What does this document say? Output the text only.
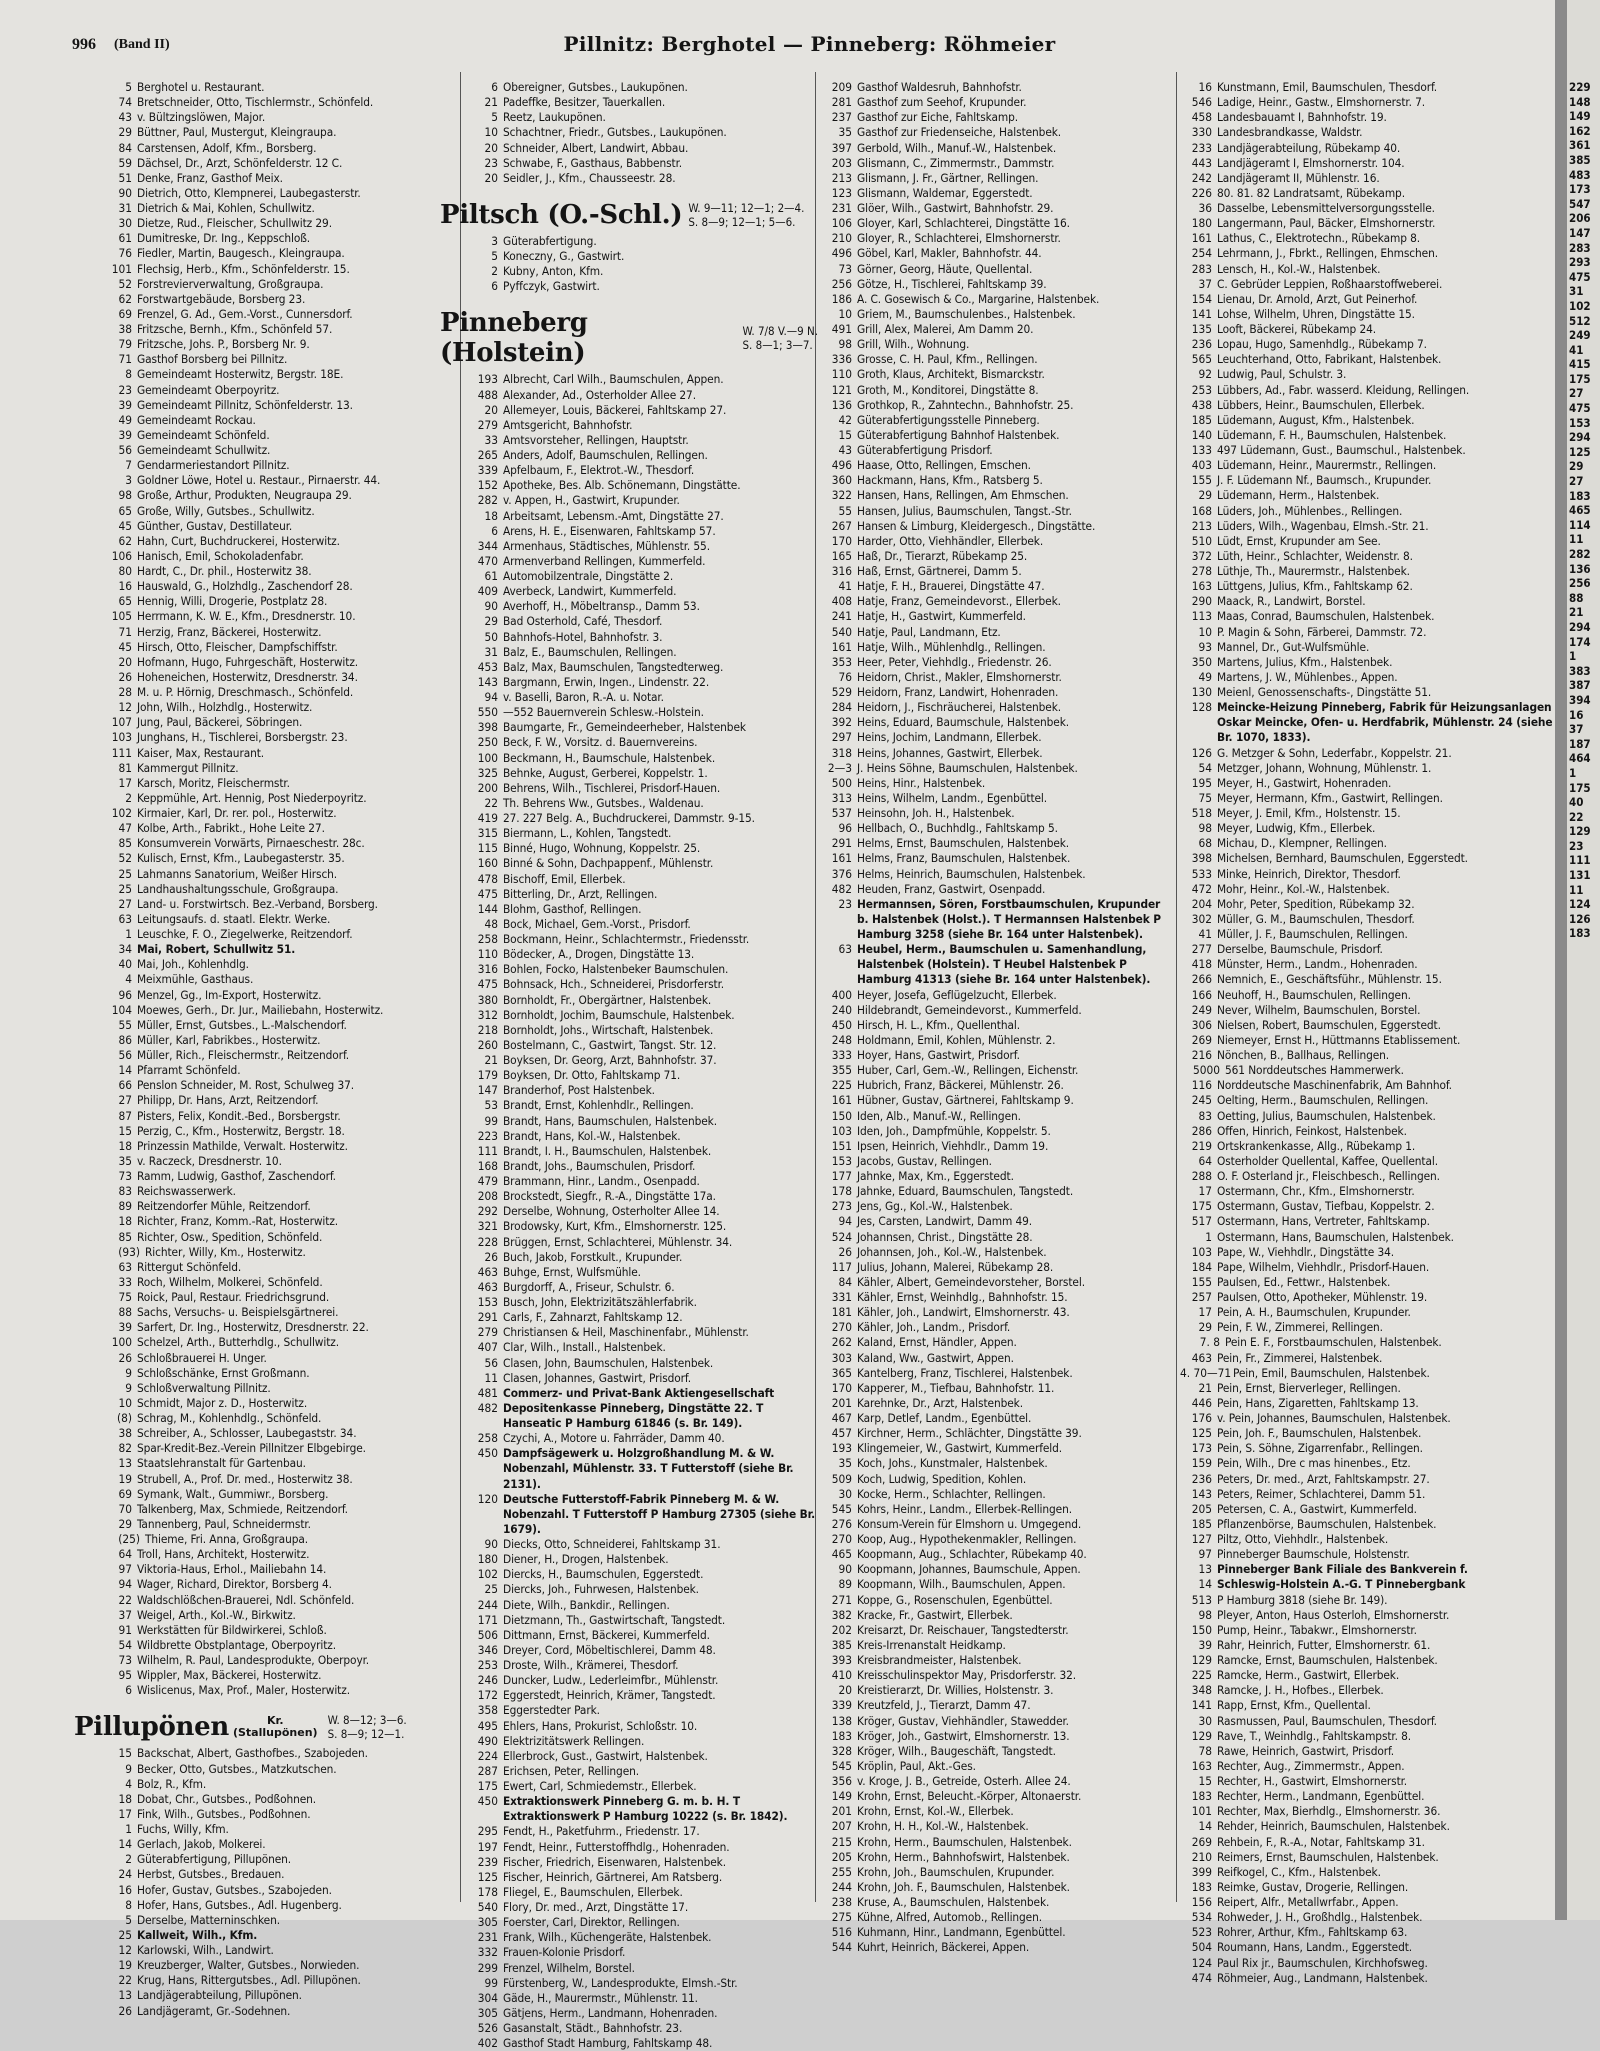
996 (Band II)	Pillnitz: Berghotel — Pinneberg: Röhmeier
5 Berghotel u. Restaurant.
74 Bretschneider, Otto, Tischlermstr., Schönfeld.
43 v. Bültzingslöwen, Major.
29 Büttner, Paul, Mustergut, Kleingraupa.
84 Carstensen, Adolf, Kfm., Borsberg.
59 Dächsel, Dr., Arzt, Schönfelderstr. 12 C.
51 Denke, Franz, Gasthof Meix.
90 Dietrich, Otto, Klempnerei, Laubegasterstr.
31 Dietrich & Mai, Kohlen, Schullwitz.
30 Dietze, Rud., Fleischer, Schullwitz 29.
61 Dumitreske, Dr. Ing., Keppschloß.
76 Fiedler, Martin, Baugesch., Kleingraupa.
101 Flechsig, Herb., Kfm., Schönfelderstr. 15.
52 Forstrevierverwaltung, Großgraupa.
62 Forstwartgebäude, Borsberg 23.
69 Frenzel, G. Ad., Gem.-Vorst., Cunnersdorf.
38 Fritzsche, Bernh., Kfm., Schönfeld 57.
79 Fritzsche, Johs. P., Borsberg Nr. 9.
71 Gasthof Borsberg bei Pillnitz.
8 Gemeindeamt Hosterwitz, Bergstr. 18E.
23 Gemeindeamt Oberpoyritz.
39 Gemeindeamt Pillnitz, Schönfelderstr. 13.
49 Gemeindeamt Rockau.
39 Gemeindeamt Schönfeld.
56 Gemeindeamt Schullwitz.
7 Gendarmeriestandort Pillnitz.
3 Goldner Löwe, Hotel u. Restaur., Pirnaerstr. 44.
98 Große, Arthur, Produkten, Neugraupa 29.
65 Große, Willy, Gutsbes., Schullwitz.
45 Günther, Gustav, Destillateur.
62 Hahn, Curt, Buchdruckerei, Hosterwitz.
106 Hanisch, Emil, Schokoladenfabr.
80 Hardt, C., Dr. phil., Hosterwitz 38.
16 Hauswald, G., Holzhdlg., Zaschendorf 28.
65 Hennig, Willi, Drogerie, Postplatz 28.
105 Herrmann, K. W. E., Kfm., Dresdnerstr. 10.
71 Herzig, Franz, Bäckerei, Hosterwitz.
45 Hirsch, Otto, Fleischer, Dampfschiffstr.
20 Hofmann, Hugo, Fuhrgeschäft, Hosterwitz.
26 Hoheneichen, Hosterwitz, Dresdnerstr. 34.
28 M. u. P. Hörnig, Dreschmasch., Schönfeld.
12 John, Wilh., Holzhdlg., Hosterwitz.
107 Jung, Paul, Bäckerei, Söbringen.
103 Junghans, H., Tischlerei, Borsbergstr. 23.
111 Kaiser, Max, Restaurant.
81 Kammergut Pillnitz.
17 Karsch, Moritz, Fleischermstr.
2 Keppmühle, Art. Hennig, Post Niederpoyritz.
102 Kirmaier, Karl, Dr. rer. pol., Hosterwitz.
47 Kolbe, Arth., Fabrikt., Hohe Leite 27.
85 Konsumverein Vorwärts, Pirnaeschestr. 28c.
52 Kulisch, Ernst, Kfm., Laubegasterstr. 35.
25 Lahmanns Sanatorium, Weißer Hirsch.
25 Landhaushaltungsschule, Großgraupa.
27 Land- u. Forstwirtsch. Bez.-Verband, Borsberg.
63 Leitungsaufs. d. staatl. Elektr. Werke.
1 Leuschke, F. O., Ziegelwerke, Reitzendorf.
34 Mai, Robert, Schullwitz 51.
40 Mai, Joh., Kohlenhdlg.
4 Meixmühle, Gasthaus.
96 Menzel, Gg., Im-Export, Hosterwitz.
104 Moewes, Gerh., Dr. Jur., Mailiebahn, Hosterwitz.
55 Müller, Ernst, Gutsbes., L.-Malschendorf.
86 Müller, Karl, Fabrikbes., Hosterwitz.
56 Müller, Rich., Fleischermstr., Reitzendorf.
14 Pfarramt Schönfeld.
66 Penslon Schneider, M. Rost, Schulweg 37.
27 Philipp, Dr. Hans, Arzt, Reitzendorf.
87 Pisters, Felix, Kondit.-Bed., Borsbergstr.
15 Perzig, C., Kfm., Hosterwitz, Bergstr. 18.
18 Prinzessin Mathilde, Verwalt. Hosterwitz.
35 v. Raczeck, Dresdnerstr. 10.
73 Ramm, Ludwig, Gasthof, Zaschendorf.
83 Reichswasserwerk.
89 Reitzendorfer Mühle, Reitzendorf.
18 Richter, Franz, Komm.-Rat, Hosterwitz.
85 Richter, Osw., Spedition, Schönfeld.
(93) Richter, Willy, Km., Hosterwitz.
63 Rittergut Schönfeld.
33 Roch, Wilhelm, Molkerei, Schönfeld.
75 Roick, Paul, Restaur. Friedrichsgrund.
88 Sachs, Versuchs- u. Beispielsgärtnerei.
39 Sarfert, Dr. Ing., Hosterwitz, Dresdnerstr. 22.
100 Schelzel, Arth., Butterhdlg., Schullwitz.
26 Schloßbrauerei H. Unger.
9 Schloßschänke, Ernst Großmann.
9 Schloßverwaltung Pillnitz.
10 Schmidt, Major z. D., Hosterwitz.
(8) Schrag, M., Kohlenhdlg., Schönfeld.
38 Schreiber, A., Schlosser, Laubegaststr. 34.
82 Spar-Kredit-Bez.-Verein Pillnitzer Elbgebirge.
13 Staatslehranstalt für Gartenbau.
19 Strubell, A., Prof. Dr. med., Hosterwitz 38.
69 Symank, Walt., Gummiwr., Borsberg.
70 Talkenberg, Max, Schmiede, Reitzendorf.
29 Tannenberg, Paul, Schneidermstr.
(25) Thieme, Fri. Anna, Großgraupa.
64 Troll, Hans, Architekt, Hosterwitz.
97 Viktoria-Haus, Erhol., Mailiebahn 14.
94 Wager, Richard, Direktor, Borsberg 4.
22 Waldschlößchen-Brauerei, Ndl. Schönfeld.
37 Weigel, Arth., Kol.-W., Birkwitz.
91 Werkstätten für Bildwirkerei, Schloß.
54 Wildbrette Obstplantage, Oberpoyritz.
73 Wilhelm, R. Paul, Landesprodukte, Oberpoyr.
95 Wippler, Max, Bäckerei, Hosterwitz.
6 Wislicenus, Max, Prof., Maler, Hosterwitz.
Pillupönen	Kr.
(Stallupönen)
W. 8—12; 3—6.
S. 8—9; 12—1.
15 Backschat, Albert, Gasthofbes., Szabojeden.
9 Becker, Otto, Gutsbes., Matzkutschen.
4 Bolz, R., Kfm.
18 Dobat, Chr., Gutsbes., Podßohnen.
17 Fink, Wilh., Gutsbes., Podßohnen.
1 Fuchs, Willy, Kfm.
14 Gerlach, Jakob, Molkerei.
2 Güterabfertigung, Pillupönen.
24 Herbst, Gutsbes., Bredauen.
16 Hofer, Gustav, Gutsbes., Szabojeden.
8 Hofer, Hans, Gutsbes., Adl. Hugenberg.
5 Derselbe, Matterninschken.
25 Kallweit, Wilh., Kfm.
12 Karlowski, Wilh., Landwirt.
19 Kreuzberger, Walter, Gutsbes., Norwieden.
22 Krug, Hans, Rittergutsbes., Adl. Pillupönen.
13 Landjägerabteilung, Pillupönen.
26 Landjägeramt, Gr.-Sodehnen.
6 Obereigner, Gutsbes., Laukupönen.
21 Padeffke, Besitzer, Tauerkallen.
5 Reetz, Laukupönen.
10 Schachtner, Friedr., Gutsbes., Laukupönen.
20 Schneider, Albert, Landwirt, Abbau.
23 Schwabe, F., Gasthaus, Babbenstr.
20 Seidler, J., Kfm., Chausseestr. 28.
Piltsch (O.-Schl.) W. 9—11; 12—1; 2—4.
S. 8—9; 12—1; 5—6.
3 Güterabfertigung.
5 Koneczny, G., Gastwirt.
2 Kubny, Anton, Kfm.
6 Pyffczyk, Gastwirt.
Pinneberg (Holstein)
W. 7/8 V.—9 N.
S. 8—1; 3—7.
193 Albrecht, Carl Wilh., Baumschulen, Appen.
488 Alexander, Ad., Osterholder Allee 27.
20 Allemeyer, Louis, Bäckerei, Fahltskamp 27.
279 Amtsgericht, Bahnhofstr.
33 Amtsvorsteher, Rellingen, Hauptstr.
265 Anders, Adolf, Baumschulen, Rellingen.
339 Apfelbaum, F., Elektrot.-W., Thesdorf.
152 Apotheke, Bes. Alb. Schönemann, Dingstätte.
282 v. Appen, H., Gastwirt, Krupunder.
18 Arbeitsamt, Lebensm.-Amt, Dingstätte 27.
6 Arens, H. E., Eisenwaren, Fahltskamp 57.
344 Armenhaus, Städtisches, Mühlenstr. 55.
470 Armenverband Rellingen, Kummerfeld.
61 Automobilzentrale, Dingstätte 2.
409 Averbeck, Landwirt, Kummerfeld.
90 Averhoff, H., Möbeltransp., Damm 53.
29 Bad Osterhold, Café, Thesdorf.
50 Bahnhofs-Hotel, Bahnhofstr. 3.
31 Balz, E., Baumschulen, Rellingen.
453 Balz, Max, Baumschulen, Tangstedterweg.
143 Bargmann, Erwin, Ingen., Lindenstr. 22.
94 v. Baselli, Baron, R.-A. u. Notar.
550 —552 Bauernverein Schlesw.-Holstein.
398 Baumgarte, Fr., Gemeindeerheber, Halstenbek
250 Beck, F. W., Vorsitz. d. Bauernvereins.
100 Beckmann, H., Baumschule, Halstenbek.
325 Behnke, August, Gerberei, Koppelstr. 1.
200 Behrens, Wilh., Tischlerei, Prisdorf-Hauen.
22 Th. Behrens Ww., Gutsbes., Waldenau.
419 27. 227 Belg. A., Buchdruckerei, Dammstr. 9-15.
315 Biermann, L., Kohlen, Tangstedt.
115 Binné, Hugo, Wohnung, Koppelstr. 25.
160 Binné & Sohn, Dachpappenf., Mühlenstr.
478 Bischoff, Emil, Ellerbek.
475 Bitterling, Dr., Arzt, Rellingen.
144 Blohm, Gasthof, Rellingen.
48 Bock, Michael, Gem.-Vorst., Prisdorf.
258 Bockmann, Heinr., Schlachtermstr., Friedensstr.
110 Bödecker, A., Drogen, Dingstätte 13.
316 Bohlen, Focko, Halstenbeker Baumschulen.
475 Bohnsack, Hch., Schneiderei, Prisdorferstr.
380 Bornholdt, Fr., Obergärtner, Halstenbek.
312 Bornholdt, Jochim, Baumschule, Halstenbek.
218 Bornholdt, Johs., Wirtschaft, Halstenbek.
260 Bostelmann, C., Gastwirt, Tangst. Str. 12.
21 Boyksen, Dr. Georg, Arzt, Bahnhofstr. 37.
179 Boyksen, Dr. Otto, Fahltskamp 71.
147 Branderhof, Post Halstenbek.
53 Brandt, Ernst, Kohlenhdlr., Rellingen.
99 Brandt, Hans, Baumschulen, Halstenbek.
223 Brandt, Hans, Kol.-W., Halstenbek.
111 Brandt, I. H., Baumschulen, Halstenbek.
168 Brandt, Johs., Baumschulen, Prisdorf.
479 Brammann, Hinr., Landm., Osenpadd.
208 Brockstedt, Siegfr., R.-A., Dingstätte 17a.
292 Derselbe, Wohnung, Osterholter Allee 14.
321 Brodowsky, Kurt, Kfm., Elmshornerstr. 125.
228 Brüggen, Ernst, Schlachterei, Mühlenstr. 34.
26 Buch, Jakob, Forstkult., Krupunder.
463 Buhge, Ernst, Wulfsmühle.
463 Burgdorff, A., Friseur, Schulstr. 6.
153 Busch, John, Elektrizitätszählerfabrik.
291 Carls, F., Zahnarzt, Fahltskamp 12.
279 Christiansen & Heil, Maschinenfabr., Mühlenstr.
407 Clar, Wilh., Install., Halstenbek.
56 Clasen, John, Baumschulen, Halstenbek.
11 Clasen, Johannes, Gastwirt, Prisdorf.
481 Commerz- und Privat-Bank Aktiengesellschaft
482 Depositenkasse Pinneberg, Dingstätte 22. T Hanseatic P Hamburg 61846 (s. Br. 149).
258 Czychi, A., Motore u. Fahrräder, Damm 40.
450 Dampfsägewerk u. Holzgroßhandlung M. & W. Nobenzahl, Mühlenstr. 33. T Futterstoff (siehe Br. 2131).
120 Deutsche Futterstoff-Fabrik Pinneberg M. & W. Nobenzahl. T Futterstoff P Hamburg 27305 (siehe Br. 1679).
90 Diecks, Otto, Schneiderei, Fahltskamp 31.
180 Diener, H., Drogen, Halstenbek.
102 Diercks, H., Baumschulen, Eggerstedt.
25 Diercks, Joh., Fuhrwesen, Halstenbek.
244 Diete, Wilh., Bankdir., Rellingen.
171 Dietzmann, Th., Gastwirtschaft, Tangstedt.
506 Dittmann, Ernst, Bäckerei, Kummerfeld.
346 Dreyer, Cord, Möbeltischlerei, Damm 48.
253 Droste, Wilh., Krämerei, Thesdorf.
246 Duncker, Ludw., Lederleimfbr., Mühlenstr.
172 Eggerstedt, Heinrich, Krämer, Tangstedt.
358 Eggerstedter Park.
495 Ehlers, Hans, Prokurist, Schloßstr. 10.
490 Elektrizitätswerk Rellingen.
224 Ellerbrock, Gust., Gastwirt, Halstenbek.
287 Erichsen, Peter, Rellingen.
175 Ewert, Carl, Schmiedemstr., Ellerbek.
450 Extraktionswerk Pinneberg G. m. b. H. T Extraktionswerk P Hamburg 10222 (s. Br. 1842).
295 Fendt, H., Paketfuhrm., Friedenstr. 17.
197 Fendt, Heinr., Futterstoffhdlg., Hohenraden.
239 Fischer, Friedrich, Eisenwaren, Halstenbek.
125 Fischer, Heinrich, Gärtnerei, Am Ratsberg.
178 Fliegel, E., Baumschulen, Ellerbek.
540 Flory, Dr. med., Arzt, Dingstätte 17.
305 Foerster, Carl, Direktor, Rellingen.
231 Frank, Wilh., Küchengeräte, Halstenbek.
332 Frauen-Kolonie Prisdorf.
299 Frenzel, Wilhelm, Borstel.
99 Fürstenberg, W., Landesprodukte, Elmsh.-Str.
304 Gäde, H., Maurermstr., Mühlenstr. 11.
305 Gätjens, Herm., Landmann, Hohenraden.
526 Gasanstalt, Städt., Bahnhofstr. 23.
402 Gasthof Stadt Hamburg, Fahltskamp 48.
209 Gasthof Waldesruh, Bahnhofstr.
281 Gasthof zum Seehof, Krupunder.
237 Gasthof zur Eiche, Fahltskamp.
35 Gasthof zur Friedenseiche, Halstenbek.
397 Gerbold, Wilh., Manuf.-W., Halstenbek.
203 Glismann, C., Zimmermstr., Dammstr.
213 Glismann, J. Fr., Gärtner, Rellingen.
123 Glismann, Waldemar, Eggerstedt.
231 Glöer, Wilh., Gastwirt, Bahnhofstr. 29.
106 Gloyer, Karl, Schlachterei, Dingstätte 16.
210 Gloyer, R., Schlachterei, Elmshornerstr.
496 Göbel, Karl, Makler, Bahnhofstr. 44.
73 Görner, Georg, Häute, Quellental.
256 Götze, H., Tischlerei, Fahltskamp 39.
186 A. C. Gosewisch & Co., Margarine, Halstenbek.
10 Griem, M., Baumschulenbes., Halstenbek.
491 Grill, Alex, Malerei, Am Damm 20.
98 Grill, Wilh., Wohnung.
336 Grosse, C. H. Paul, Kfm., Rellingen.
110 Groth, Klaus, Architekt, Bismarckstr.
121 Groth, M., Konditorei, Dingstätte 8.
136 Grothkop, R., Zahntechn., Bahnhofstr. 25.
42 Güterabfertigungsstelle Pinneberg.
15 Güterabfertigung Bahnhof Halstenbek.
43 Güterabfertigung Prisdorf.
496 Haase, Otto, Rellingen, Emschen.
360 Hackmann, Hans, Kfm., Ratsberg 5.
322 Hansen, Hans, Rellingen, Am Ehmschen.
55 Hansen, Julius, Baumschulen, Tangst.-Str.
267 Hansen & Limburg, Kleidergesch., Dingstätte.
170 Harder, Otto, Viehhändler, Ellerbek.
165 Haß, Dr., Tierarzt, Rübekamp 25.
316 Haß, Ernst, Gärtnerei, Damm 5.
41 Hatje, F. H., Brauerei, Dingstätte 47.
408 Hatje, Franz, Gemeindevorst., Ellerbek.
241 Hatje, H., Gastwirt, Kummerfeld.
540 Hatje, Paul, Landmann, Etz.
161 Hatje, Wilh., Mühlenhdlg., Rellingen.
353 Heer, Peter, Viehhdlg., Friedenstr. 26.
76 Heidorn, Christ., Makler, Elmshornerstr.
529 Heidorn, Franz, Landwirt, Hohenraden.
284 Heidorn, J., Fischräucherei, Halstenbek.
392 Heins, Eduard, Baumschule, Halstenbek.
297 Heins, Jochim, Landmann, Ellerbek.
318 Heins, Johannes, Gastwirt, Ellerbek.
2—3 J. Heins Söhne, Baumschulen, Halstenbek.
500 Heins, Hinr., Halstenbek.
313 Heins, Wilhelm, Landm., Egenbüttel.
537 Heinsohn, Joh. H., Halstenbek.
96 Hellbach, O., Buchhdlg., Fahltskamp 5.
291 Helms, Ernst, Baumschulen, Halstenbek.
161 Helms, Franz, Baumschulen, Halstenbek.
376 Helms, Heinrich, Baumschulen, Halstenbek.
482 Heuden, Franz, Gastwirt, Osenpadd.
23 Hermannsen, Sören, Forstbaumschulen, Krupunder b. Halstenbek (Holst.). T Hermannsen Halstenbek P Hamburg 3258 (siehe Br. 164 unter Halstenbek).
63 Heubel, Herm., Baumschulen u. Samenhandlung, Halstenbek (Holstein). T Heubel Halstenbek P Hamburg 41313 (siehe Br. 164 unter Halstenbek).
400 Heyer, Josefa, Geflügelzucht, Ellerbek.
240 Hildebrandt, Gemeindevorst., Kummerfeld.
450 Hirsch, H. L., Kfm., Quellenthal.
248 Holdmann, Emil, Kohlen, Mühlenstr. 2.
333 Hoyer, Hans, Gastwirt, Prisdorf.
355 Huber, Carl, Gem.-W., Rellingen, Eichenstr.
225 Hubrich, Franz, Bäckerei, Mühlenstr. 26.
161 Hübner, Gustav, Gärtnerei, Fahltskamp 9.
150 Iden, Alb., Manuf.-W., Rellingen.
103 Iden, Joh., Dampfmühle, Koppelstr. 5.
151 Ipsen, Heinrich, Viehhdlr., Damm 19.
153 Jacobs, Gustav, Rellingen.
177 Jahnke, Max, Km., Eggerstedt.
178 Jahnke, Eduard, Baumschulen, Tangstedt.
273 Jens, Gg., Kol.-W., Halstenbek.
94 Jes, Carsten, Landwirt, Damm 49.
524 Johannsen, Christ., Dingstätte 28.
26 Johannsen, Joh., Kol.-W., Halstenbek.
117 Julius, Johann, Malerei, Rübekamp 28.
84 Kähler, Albert, Gemeindevorsteher, Borstel.
331 Kähler, Ernst, Weinhdlg., Bahnhofstr. 15.
181 Kähler, Joh., Landwirt, Elmshornerstr. 43.
270 Kähler, Joh., Landm., Prisdorf.
262 Kaland, Ernst, Händler, Appen.
303 Kaland, Ww., Gastwirt, Appen.
365 Kantelberg, Franz, Tischlerei, Halstenbek.
170 Kapperer, M., Tiefbau, Bahnhofstr. 11.
201 Karehnke, Dr., Arzt, Halstenbek.
467 Karp, Detlef, Landm., Egenbüttel.
457 Kirchner, Herm., Schlächter, Dingstätte 39.
193 Klingemeier, W., Gastwirt, Kummerfeld.
35 Koch, Johs., Kunstmaler, Halstenbek.
509 Koch, Ludwig, Spedition, Kohlen.
30 Kocke, Herm., Schlachter, Rellingen.
545 Kohrs, Heinr., Landm., Ellerbek-Rellingen.
276 Konsum-Verein für Elmshorn u. Umgegend.
270 Koop, Aug., Hypothekenmakler, Rellingen.
465 Koopmann, Aug., Schlachter, Rübekamp 40.
90 Koopmann, Johannes, Baumschule, Appen.
89 Koopmann, Wilh., Baumschulen, Appen.
271 Koppe, G., Rosenschulen, Egenbüttel.
382 Kracke, Fr., Gastwirt, Ellerbek.
202 Kreisarzt, Dr. Reischauer, Tangstedterstr.
385 Kreis-Irrenanstalt Heidkamp.
393 Kreisbrandmeister, Halstenbek.
410 Kreisschulinspektor May, Prisdorferstr. 32.
20 Kreistierarzt, Dr. Willies, Holstenstr. 3.
339 Kreutzfeld, J., Tierarzt, Damm 47.
138 Kröger, Gustav, Viehhändler, Stawedder.
183 Kröger, Joh., Gastwirt, Elmshornerstr. 13.
328 Kröger, Wilh., Baugeschäft, Tangstedt.
545 Kröplin, Paul, Akt.-Ges.
356 v. Kroge, J. B., Getreide, Osterh. Allee 24.
149 Krohn, Ernst, Beleucht.-Körper, Altonaerstr.
201 Krohn, Ernst, Kol.-W., Ellerbek.
207 Krohn, H. H., Kol.-W., Halstenbek.
215 Krohn, Herm., Baumschulen, Halstenbek.
205 Krohn, Herm., Bahnhofswirt, Halstenbek.
255 Krohn, Joh., Baumschulen, Krupunder.
244 Krohn, Joh. F., Baumschulen, Halstenbek.
238 Kruse, A., Baumschulen, Halstenbek.
275 Kühne, Alfred, Automob., Rellingen.
516 Kuhmann, Hinr., Landmann, Egenbüttel.
544 Kuhrt, Heinrich, Bäckerei, Appen.
16 Kunstmann, Emil, Baumschulen, Thesdorf.
546 Ladige, Heinr., Gastw., Elmshornerstr. 7.
458 Landesbauamt I, Bahnhofstr. 19.
330 Landesbrandkasse, Waldstr.
233 Landjägerabteilung, Rübekamp 40.
443 Landjägeramt I, Elmshornerstr. 104.
242 Landjägeramt II, Mühlenstr. 16.
226 80. 81. 82 Landratsamt, Rübekamp.
36 Dasselbe, Lebensmittelversorgungsstelle.
180 Langermann, Paul, Bäcker, Elmshornerstr.
161 Lathus, C., Elektrotechn., Rübekamp 8.
254 Lehrmann, J., Fbrkt., Rellingen, Ehmschen.
283 Lensch, H., Kol.-W., Halstenbek.
37 C. Gebrüder Leppien, Roßhaarstoffweberei.
154 Lienau, Dr. Arnold, Arzt, Gut Peinerhof.
141 Lohse, Wilhelm, Uhren, Dingstätte 15.
135 Looft, Bäckerei, Rübekamp 24.
236 Lopau, Hugo, Samenhdlg., Rübekamp 7.
565 Leuchterhand, Otto, Fabrikant, Halstenbek.
92 Ludwig, Paul, Schulstr. 3.
253 Lübbers, Ad., Fabr. wasserd. Kleidung, Rellingen.
438 Lübbers, Heinr., Baumschulen, Ellerbek.
185 Lüdemann, August, Kfm., Halstenbek.
140 Lüdemann, F. H., Baumschulen, Halstenbek.
133 497 Lüdemann, Gust., Baumschul., Halstenbek.
403 Lüdemann, Heinr., Maurermstr., Rellingen.
155 J. F. Lüdemann Nf., Baumsch., Krupunder.
29 Lüdemann, Herm., Halstenbek.
168 Lüders, Joh., Mühlenbes., Rellingen.
213 Lüders, Wilh., Wagenbau, Elmsh.-Str. 21.
510 Lüdt, Ernst, Krupunder am See.
372 Lüth, Heinr., Schlachter, Weidenstr. 8.
278 Lüthje, Th., Maurermstr., Halstenbek.
163 Lüttgens, Julius, Kfm., Fahltskamp 62.
290 Maack, R., Landwirt, Borstel.
113 Maas, Conrad, Baumschulen, Halstenbek.
10 P. Magin & Sohn, Färberei, Dammstr. 72.
93 Mannel, Dr., Gut-Wulfsmühle.
350 Martens, Julius, Kfm., Halstenbek.
49 Martens, J. W., Mühlenbes., Appen.
130 Meienl, Genossenschafts-, Dingstätte 51.
128 Meincke-Heizung Pinneberg, Fabrik für Heizungsanlagen Oskar Meincke, Ofen- u. Herdfabrik, Mühlenstr. 24 (siehe Br. 1070, 1833).
126 G. Metzger & Sohn, Lederfabr., Koppelstr. 21.
54 Metzger, Johann, Wohnung, Mühlenstr. 1.
195 Meyer, H., Gastwirt, Hohenraden.
75 Meyer, Hermann, Kfm., Gastwirt, Rellingen.
518 Meyer, J. Emil, Kfm., Holstenstr. 15.
98 Meyer, Ludwig, Kfm., Ellerbek.
68 Michau, D., Klempner, Rellingen.
398 Michelsen, Bernhard, Baumschulen, Eggerstedt.
533 Minke, Heinrich, Direktor, Thesdorf.
472 Mohr, Heinr., Kol.-W., Halstenbek.
204 Mohr, Peter, Spedition, Rübekamp 32.
302 Müller, G. M., Baumschulen, Thesdorf.
41 Müller, J. F., Baumschulen, Rellingen.
277 Derselbe, Baumschule, Prisdorf.
418 Münster, Herm., Landm., Hohenraden.
266 Nemnich, E., Geschäftsführ., Mühlenstr. 15.
166 Neuhoff, H., Baumschulen, Rellingen.
249 Never, Wilhelm, Baumschulen, Borstel.
306 Nielsen, Robert, Baumschulen, Eggerstedt.
269 Niemeyer, Ernst H., Hüttmanns Etablissement.
216 Nönchen, B., Ballhaus, Rellingen.
5000 561 Norddeutsches Hammerwerk.
116 Norddeutsche Maschinenfabrik, Am Bahnhof.
245 Oelting, Herm., Baumschulen, Rellingen.
83 Oetting, Julius, Baumschulen, Halstenbek.
286 Offen, Hinrich, Feinkost, Halstenbek.
219 Ortskrankenkasse, Allg., Rübekamp 1.
64 Osterholder Quellental, Kaffee, Quellental.
288 O. F. Osterland jr., Fleischbesch., Rellingen.
17 Ostermann, Chr., Kfm., Elmshornerstr.
175 Ostermann, Gustav, Tiefbau, Koppelstr. 2.
517 Ostermann, Hans, Vertreter, Fahltskamp.
1 Ostermann, Hans, Baumschulen, Halstenbek.
103 Pape, W., Viehhdlr., Dingstätte 34.
184 Pape, Wilhelm, Viehhdlr., Prisdorf-Hauen.
155 Paulsen, Ed., Fettwr., Halstenbek.
257 Paulsen, Otto, Apotheker, Mühlenstr. 19.
17 Pein, A. H., Baumschulen, Krupunder.
29 Pein, F. W., Zimmerei, Rellingen.
7. 8 Pein E. F., Forstbaumschulen, Halstenbek.
463 Pein, Fr., Zimmerei, Halstenbek.
4. 70—71 Pein, Emil, Baumschulen, Halstenbek.
21 Pein, Ernst, Bierverleger, Rellingen.
446 Pein, Hans, Zigaretten, Fahltskamp 13.
176 v. Pein, Johannes, Baumschulen, Halstenbek.
125 Pein, Joh. F., Baumschulen, Halstenbek.
173 Pein, S. Söhne, Zigarrenfabr., Rellingen.
159 Pein, Wilh., Dre c mas hinenbes., Etz.
236 Peters, Dr. med., Arzt, Fahltskampstr. 27.
143 Peters, Reimer, Schlachterei, Damm 51.
205 Petersen, C. A., Gastwirt, Kummerfeld.
185 Pflanzenbörse, Baumschulen, Halstenbek.
127 Piltz, Otto, Viehhdlr., Halstenbek.
97 Pinneberger Baumschule, Holstenstr.
13 Pinneberger Bank Filiale des Bankverein f.
14 Schleswig-Holstein A.-G. T Pinnebergbank
513 P Hamburg 3818 (siehe Br. 149).
98 Pleyer, Anton, Haus Osterloh, Elmshornerstr.
150 Pump, Heinr., Tabakwr., Elmshornerstr.
39 Rahr, Heinrich, Futter, Elmshornerstr. 61.
129 Ramcke, Ernst, Baumschulen, Halstenbek.
225 Ramcke, Herm., Gastwirt, Ellerbek.
348 Ramcke, J. H., Hofbes., Ellerbek.
141 Rapp, Ernst, Kfm., Quellental.
30 Rasmussen, Paul, Baumschulen, Thesdorf.
129 Rave, T., Weinhdlg., Fahltskampstr. 8.
78 Rawe, Heinrich, Gastwirt, Prisdorf.
163 Rechter, Aug., Zimmermstr., Appen.
15 Rechter, H., Gastwirt, Elmshornerstr.
183 Rechter, Herm., Landmann, Egenbüttel.
101 Rechter, Max, Bierhdlg., Elmshornerstr. 36.
14 Rehder, Heinrich, Baumschulen, Halstenbek.
269 Rehbein, F., R.-A., Notar, Fahltskamp 31.
210 Reimers, Ernst, Baumschulen, Halstenbek.
399 Reifkogel, C., Kfm., Halstenbek.
183 Reimke, Gustav, Drogerie, Rellingen.
156 Reipert, Alfr., Metallwrfabr., Appen.
534 Rohweder, J. H., Großhdlg., Halstenbek.
523 Rohrer, Arthur, Kfm., Fahltskamp 63.
504 Roumann, Hans, Landm., Eggerstedt.
124 Paul Rix jr., Baumschulen, Kirchhofsweg.
474 Röhmeier, Aug., Landmann, Halstenbek.
229
148
149
162
361
385
483
173
547
206
147
283
293
475
31
102
512
249
41
415
175
27
475
153
294
125
29
27
183
465
114
11
282
136
256
88
21
294
174
1
383
387
394
16
37
187
464
1
175
40
22
129
23
111
131
11
124
126
183
